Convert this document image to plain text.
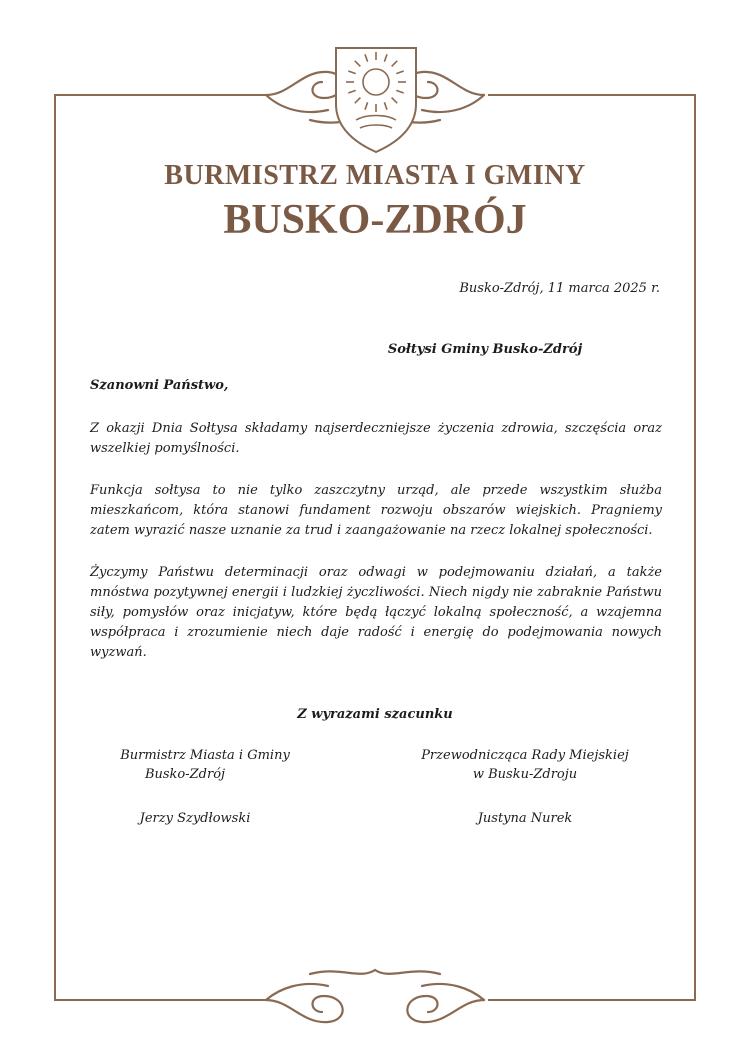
BURMISTRZ MIASTA I GMINY
BUSKO-ZDRÓJ
Busko-Zdrój, 11 marca 2025 r.
Sołtysi Gminy Busko-Zdrój
Szanowni Państwo,

Z okazji Dnia Sołtysa składamy najserdeczniejsze życzenia zdrowia, szczęścia oraz wszelkiej pomyślności.

Funkcja sołtysa to nie tylko zaszczytny urząd, ale przede wszystkim służba mieszkańcom, która stanowi fundament rozwoju obszarów wiejskich. Pragniemy zatem wyrazić nasze uznanie za trud i zaangażowanie na rzecz lokalnej społeczności.

Życzymy Państwu determinacji oraz odwagi w podejmowaniu działań, a także mnóstwa pozytywnej energii i ludzkiej życzliwości. Niech nigdy nie zabraknie Państwu siły, pomysłów oraz inicjatyw, które będą łączyć lokalną społeczność, a wzajemna współpraca i zrozumienie niech daje radość i energię do podejmowania nowych wyzwań.

Z wyrazami szacunku
Burmistrz Miasta i Gminy
Busko-Zdrój
Jerzy Szydłowski
Przewodnicząca Rady Miejskiej
w Busku-Zdroju
Justyna Nurek
